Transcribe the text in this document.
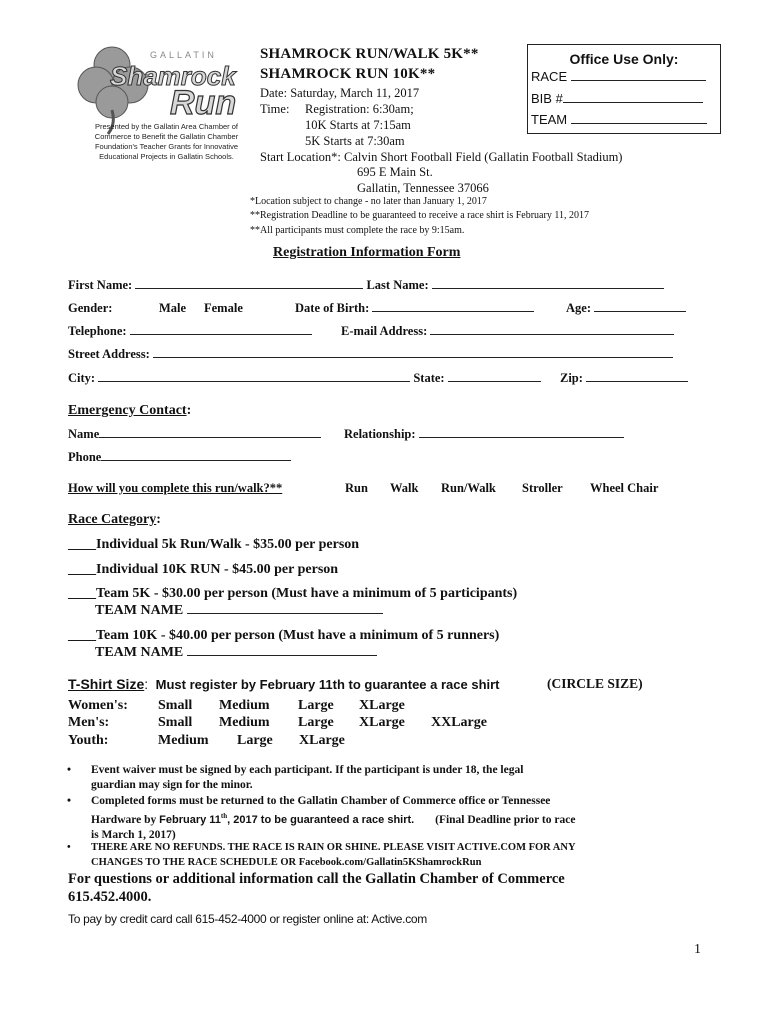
GALLATIN
Shamrock
Run
Presented by the Gallatin Area Chamber of Commerce to Benefit the Gallatin Chamber Foundation's Teacher Grants for Innovative Educational Projects in Gallatin Schools.
SHAMROCK RUN/WALK 5K**
SHAMROCK RUN 10K**
Date: Saturday, March 11, 2017
Time: Registration: 6:30am;
10K Starts at 7:15am
5K Starts at 7:30am
Start Location*: Calvin Short Football Field (Gallatin Football Stadium)
695 E Main St.
Gallatin, Tennessee 37066
*Location subject to change - no later than January 1, 2017
**Registration Deadline to be guaranteed to receive a race shirt is February 11, 2017
**All participants must complete the race by 9:15am.
Office Use Only:
RACE
BIB #
TEAM
Registration Information Form
First Name:	Last Name:
Gender:	Male Female	Date of Birth:	Age:
Telephone:	E-mail Address:
Street Address:
City:	State:	Zip:
Emergency Contact:
Name	Relationship:
Phone
How will you complete this run/walk?**	Run Walk Run/Walk Stroller Wheel Chair
Race Category:
____Individual 5k Run/Walk - $35.00 per person
____Individual 10K RUN - $45.00 per person
____Team 5K - $30.00 per person (Must have a minimum of 5 participants)
TEAM NAME
____Team 10K - $40.00 per person (Must have a minimum of 5 runners)
TEAM NAME
T-Shirt Size: Must register by February 11th to guarantee a race shirt	(CIRCLE SIZE)
Women's: Small Medium Large XLarge
Men's:	Small Medium Large XLarge XXLarge
Youth:	Medium Large XLarge
• Event waiver must be signed by each participant. If the participant is under 18, the legal
guardian may sign for the minor.
• Completed forms must be returned to the Gallatin Chamber of Commerce office or Tennessee
Hardware by February 11th, 2017 to be guaranteed a race shirt. (Final Deadline prior to race
is March 1, 2017)
• THERE ARE NO REFUNDS. THE RACE IS RAIN OR SHINE. PLEASE VISIT ACTIVE.COM FOR ANY
CHANGES TO THE RACE SCHEDULE OR Facebook.com/Gallatin5KShamrockRun
For questions or additional information call the Gallatin Chamber of Commerce
615.452.4000.
To pay by credit card call 615-452-4000 or register online at: Active.com
1
